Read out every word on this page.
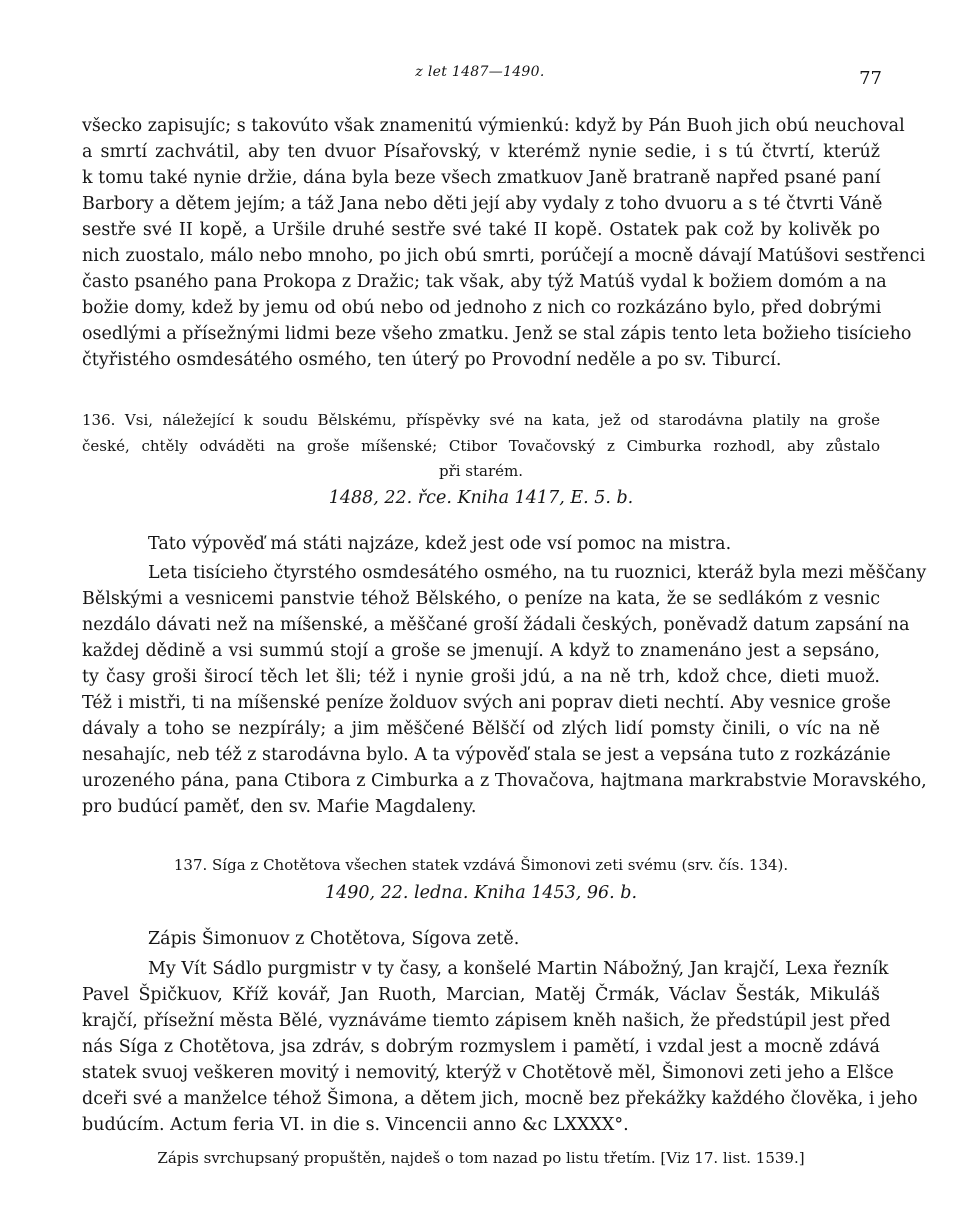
z let 1487—1490.	77
všecko zapisujíc; s takovúto však znamenitú výmienkú: když by Pán Buoh jich obú neuchoval
a smrtí zachvátil, aby ten dvuor Písařovský, v kterémž nynie sedie, i s tú čtvrtí, kterúž
k tomu také nynie držie, dána byla beze všech zmatkuov Janě bratraně napřed psané paní
Barbory a dětem jejím; a táž Jana nebo děti její aby vydaly z toho dvuoru a s té čtvrti Váně
sestře své II kopě, a Uršile druhé sestře své také II kopě. Ostatek pak což by kolivěk po
nich zuostalo, málo nebo mnoho, po jich obú smrti, porúčejí a mocně dávají Matúšovi sestřenci
často psaného pana Prokopa z Dražic; tak však, aby týž Matúš vydal k božiem domóm a na
božie domy, kdež by jemu od obú nebo od jednoho z nich co rozkázáno bylo, před dobrými
osedlými a přísežnými lidmi beze všeho zmatku. Jenž se stal zápis tento leta božieho tisícieho
čtyřistého osmdesátého osmého, ten úterý po Provodní neděle a po sv. Tiburcí.
136. Vsi, náležející k soudu Bělskému, příspěvky své na kata, jež od starodávna platily na groše
české, chtěly odváděti na groše míšenské; Ctibor Tovačovský z Cimburka rozhodl, aby zůstalo
při starém.
1488, 22. řce. Kniha 1417, E. 5. b.
Tato výpověď má státi najzáze, kdež jest ode vsí pomoc na mistra.
Leta tisícieho čtyrstého osmdesátého osmého, na tu ruoznici, kteráž byla mezi měščany
Bělskými a vesnicemi panstvie téhož Bělského, o peníze na kata, že se sedlákóm z vesnic
nezdálo dávati než na míšenské, a měščané groší žádali českých, poněvadž datum zapsání na
každej dědině a vsi summú stojí a groše se jmenují. A když to znamenáno jest a sepsáno,
ty časy groši širocí těch let šli; též i nynie groši jdú, a na ně trh, kdož chce, dieti muož.
Též i mistři, ti na míšenské peníze žolduov svých ani poprav dieti nechtí. Aby vesnice groše
dávaly a toho se nezpírály; a jim měščené Bělščí od zlých lidí pomsty činili, o víc na ně
nesahajíc, neb též z starodávna bylo. A ta výpověď stala se jest a vepsána tuto z rozkázánie
urozeného pána, pana Ctibora z Cimburka a z Thovačova, hajtmana markrabstvie Moravského,
pro budúcí paměť, den sv. Maŕie Magdaleny.
137. Síga z Chotětova všechen statek vzdává Šimonovi zeti svému (srv. čís. 134).
1490, 22. ledna. Kniha 1453, 96. b.
Zápis Šimonuov z Chotětova, Sígova zetě.
My Vít Sádlo purgmistr v ty časy, a konšelé Martin Nábožný, Jan krajčí, Lexa řezník
Pavel Špičkuov, Kříž kovář, Jan Ruoth, Marcian, Matěj Črmák, Václav Šesták, Mikuláš
krajčí, přísežní města Bělé, vyznáváme tiemto zápisem kněh našich, že předstúpil jest před
nás Síga z Chotětova, jsa zdráv, s dobrým rozmyslem i pamětí, i vzdal jest a mocně zdává
statek svuoj veškeren movitý i nemovitý, kterýž v Chotětově měl, Šimonovi zeti jeho a Elšce
dceři své a manželce téhož Šimona, a dětem jich, mocně bez překážky každého člověka, i jeho
budúcím. Actum feria VI. in die s. Vincencii anno &c LXXXX°.
Zápis svrchupsaný propuštěn, najdeš o tom nazad po listu třetím. [Viz 17. list. 1539.]
